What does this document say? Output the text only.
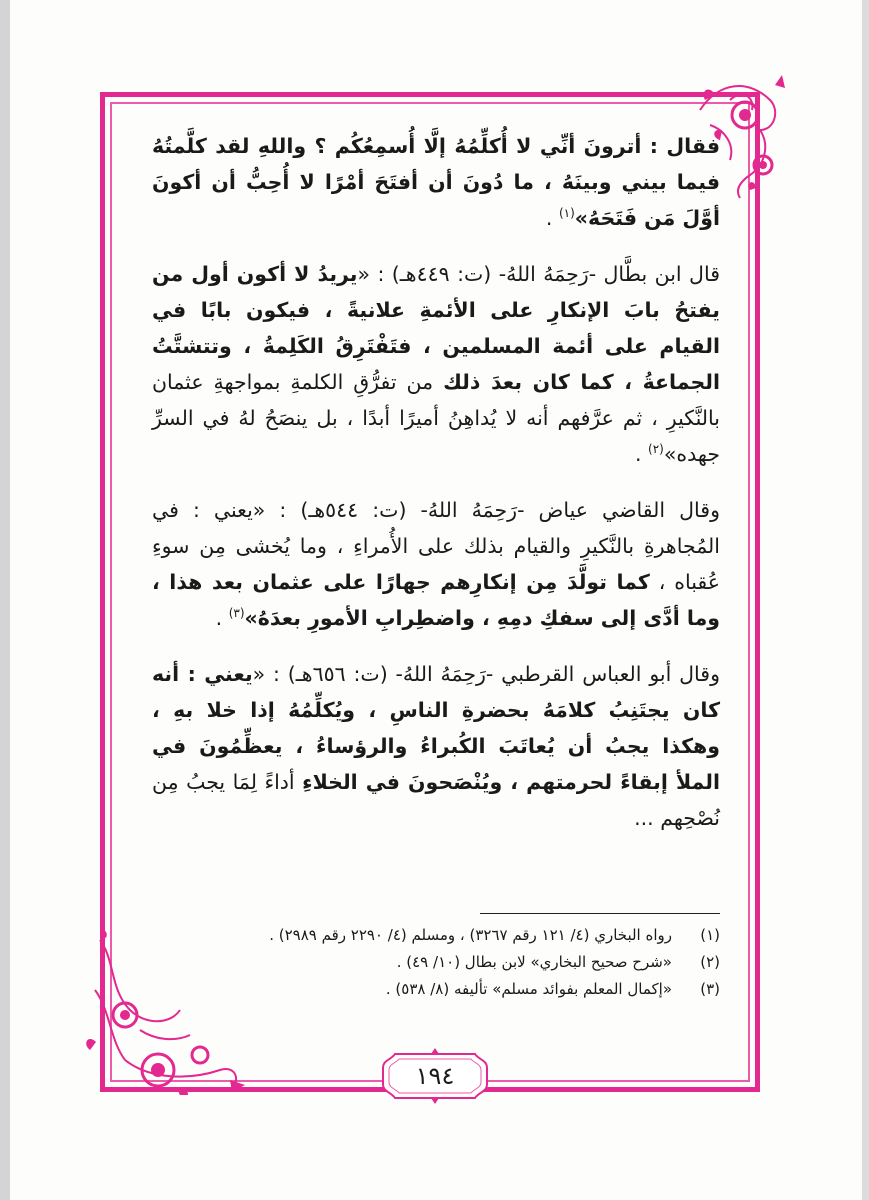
فقال : أترونَ أنِّي لا أُكلِّمُهُ إلَّا أُسمِعُكُم ؟ واللهِ لقد كلَّمتُهُ فيما بيني وبينَهُ ، ما دُونَ أن أفتَحَ أمْرًا لا أُحِبُّ أن أكونَ أوَّلَ مَن فَتَحَهُ»$^{(١)}$ .

قال ابن بطَّال -رَحِمَهُ اللهُ- (ت: ٤٤٩هـ) : «يريدُ لا أكون أول من يفتحُ بابَ الإنكارِ على الأئمةِ علانيةً ، فيكون بابًا في القيام على أئمة المسلمين ، فتَفْتَرِقُ الكَلِمةُ ، وتتشتَّتُ الجماعةُ ، كما كان بعدَ ذلك من تفرُّقِ الكلمةِ بمواجهةِ عثمان بالنَّكيرِ ، ثم عرَّفهم أنه لا يُداهِنُ أميرًا أبدًا ، بل ينصَحُ لهُ في السرِّ جهده»$^{(٢)}$ .

وقال القاضي عياض -رَحِمَهُ اللهُ- (ت: ٥٤٤هـ) : «يعني : في المُجاهرةِ بالنَّكيرِ والقيام بذلك على الأُمراءِ ، وما يُخشى مِن سوءِ عُقباه ، كما تولَّدَ مِن إنكارِهم جهارًا على عثمان بعد هذا ، وما أدَّى إلى سفكِ دمِهِ ، واضطِرابِ الأمورِ بعدَهُ»$^{(٣)}$ .

وقال أبو العباس القرطبي -رَحِمَهُ اللهُ- (ت: ٦٥٦هـ) : «يعني : أنه كان يجتَنِبُ كلامَهُ بحضرةِ الناسِ ، ويُكلِّمُهُ إذا خلا بهِ ، وهكذا يجبُ أن يُعاتَبَ الكُبراءُ والرؤساءُ ، يعظِّمُونَ في الملأ إبقاءً لحرمتهم ، ويُنْصَحونَ في الخلاءِ أداءً لِمَا يجبُ مِن نُصْحِهم ...

(١)
رواه البخاري (٤/ ١٢١ رقم ٣٢٦٧) ، ومسلم (٤/ ٢٢٩٠ رقم ٢٩٨٩) .
(٢)
«شرح صحيح البخاري» لابن بطال (١٠/ ٤٩) .
(٣)
«إكمال المعلم بفوائد مسلم» تأليفه (٨/ ٥٣٨) .
١٩٤
